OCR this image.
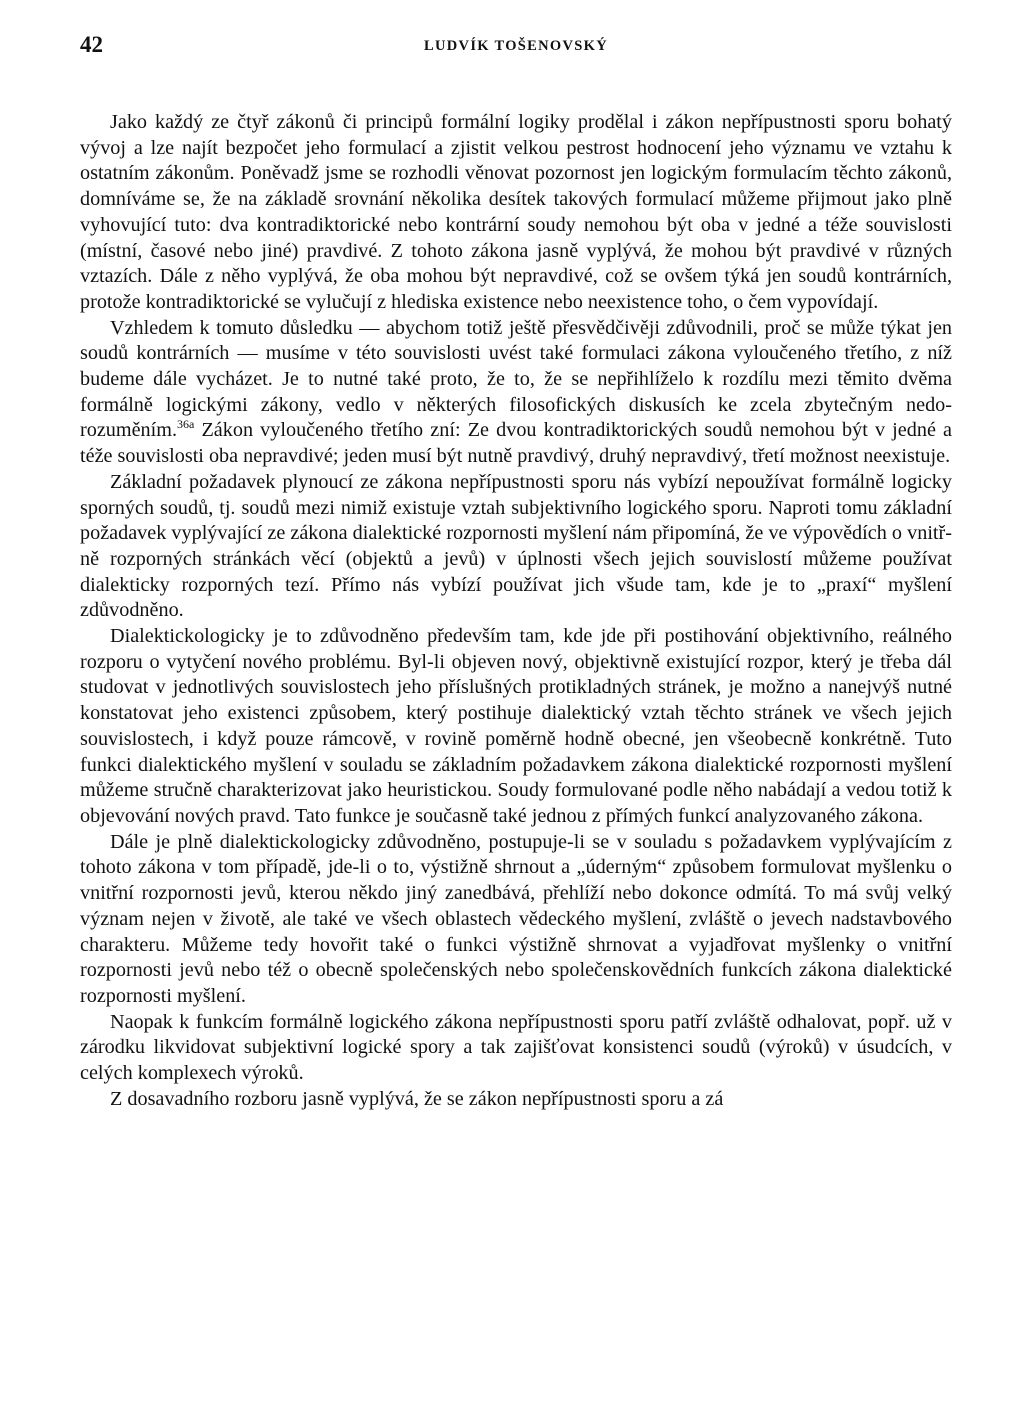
42	LUDVÍK TOŠENOVSKÝ

Jako každý ze čtyř zákonů či principů formální logiky prodělal i zákon nepřípustnosti sporu bohatý vývoj a lze najít bezpočet jeho formulací a zjistit velkou pestrost hodnocení jeho významu ve vztahu k ostatním zákonům. Poněvadž jsme se rozhodli věnovat pozornost jen logickým formulacím těchto zákonů, domníváme se, že na základě srovnání několika desítek takových formulací můžeme přijmout jako plně vyhovující tuto: dva kontradiktorické nebo kontrární soudy nemohou být oba v jedné a téže souvislosti (místní, časové nebo jiné) pravdivé. Z tohoto zákona jasně vyplývá, že mohou být pravdivé v různých vztazích. Dále z něho vyplývá, že oba mohou být nepravdivé, což se ovšem týká jen soudů kontrárních, protože kontradiktorické se vylučují z hlediska existence nebo neexistence toho, o čem vypovídají.

Vzhledem k tomuto důsledku — abychom totiž ještě přesvědčivěji zdůvodnili, proč se může týkat jen soudů kontrárních — musíme v této souvislosti uvést také formulaci zákona vyloučeného třetího, z níž budeme dále vycházet. Je to nutné také proto, že to, že se nepřihlíželo k rozdílu mezi těmito dvěma formálně logickými zákony, vedlo v některých filosofických diskusích ke zcela zbytečným nedorozuměním.$^{36a}$ Zákon vyloučeného třetího zní: Ze dvou kontradiktorických soudů nemohou být v jedné a téže souvislosti oba nepravdivé; jeden musí být nutně pravdivý, druhý nepravdivý, třetí možnost neexistuje.

Základní požadavek plynoucí ze zákona nepřípustnosti sporu nás vybízí nepoužívat formálně logicky sporných soudů, tj. soudů mezi nimiž existuje vztah subjektivního logického sporu. Naproti tomu základní požadavek vyplývající ze zákona dialektické rozpornosti myšlení nám připomíná, že ve výpovědích o vnitřně rozporných stránkách věcí (objektů a jevů) v úplnosti všech jejich souvislostí můžeme používat dialekticky rozporných tezí. Přímo nás vybízí používat jich všude tam, kde je to „praxí“ myšlení zdůvodněno.

Dialektickologicky je to zdůvodněno především tam, kde jde při postihování objektivního, reálného rozporu o vytyčení nového problému. Byl-li objeven nový, objektivně existující rozpor, který je třeba dál studovat v jednotlivých souvislostech jeho příslušných protikladných stránek, je možno a nanejvýš nutné konstatovat jeho existenci způsobem, který postihuje dialektický vztah těchto stránek ve všech jejich souvislostech, i když pouze rámcově, v rovině poměrně hodně obecné, jen všeobecně konkrétně. Tuto funkci dialektického myšlení v souladu se základním požadavkem zákona dialektické rozpornosti myšlení můžeme stručně charakterizovat jako heuristickou. Soudy formulované podle něho nabádají a vedou totiž k objevování nových pravd. Tato funkce je současně také jednou z přímých funkcí analyzovaného zákona.

Dále je plně dialektickologicky zdůvodněno, postupuje-li se v souladu s požadavkem vyplývajícím z tohoto zákona v tom případě, jde-li o to, výstižně shrnout a „úderným“ způsobem formulovat myšlenku o vnitřní rozpornosti jevů, kterou někdo jiný zanedbává, přehlíží nebo dokonce odmítá. To má svůj velký význam nejen v životě, ale také ve všech oblastech vědeckého myšlení, zvláště o jevech nadstavbového charakteru. Můžeme tedy hovořit také o funkci výstižně shrnovat a vyjadřovat myšlenky o vnitřní rozpornosti jevů nebo též o obecně společenských nebo společenskovědních funkcích zákona dialektické rozpornosti myšlení.

Naopak k funkcím formálně logického zákona nepřípustnosti sporu patří zvláště odhalovat, popř. už v zárodku likvidovat subjektivní logické spory a tak zajišťovat konsistenci soudů (výroků) v úsudcích, v celých komplexech výroků.

Z dosavadního rozboru jasně vyplývá, že se zákon nepřípustnosti sporu a zá
